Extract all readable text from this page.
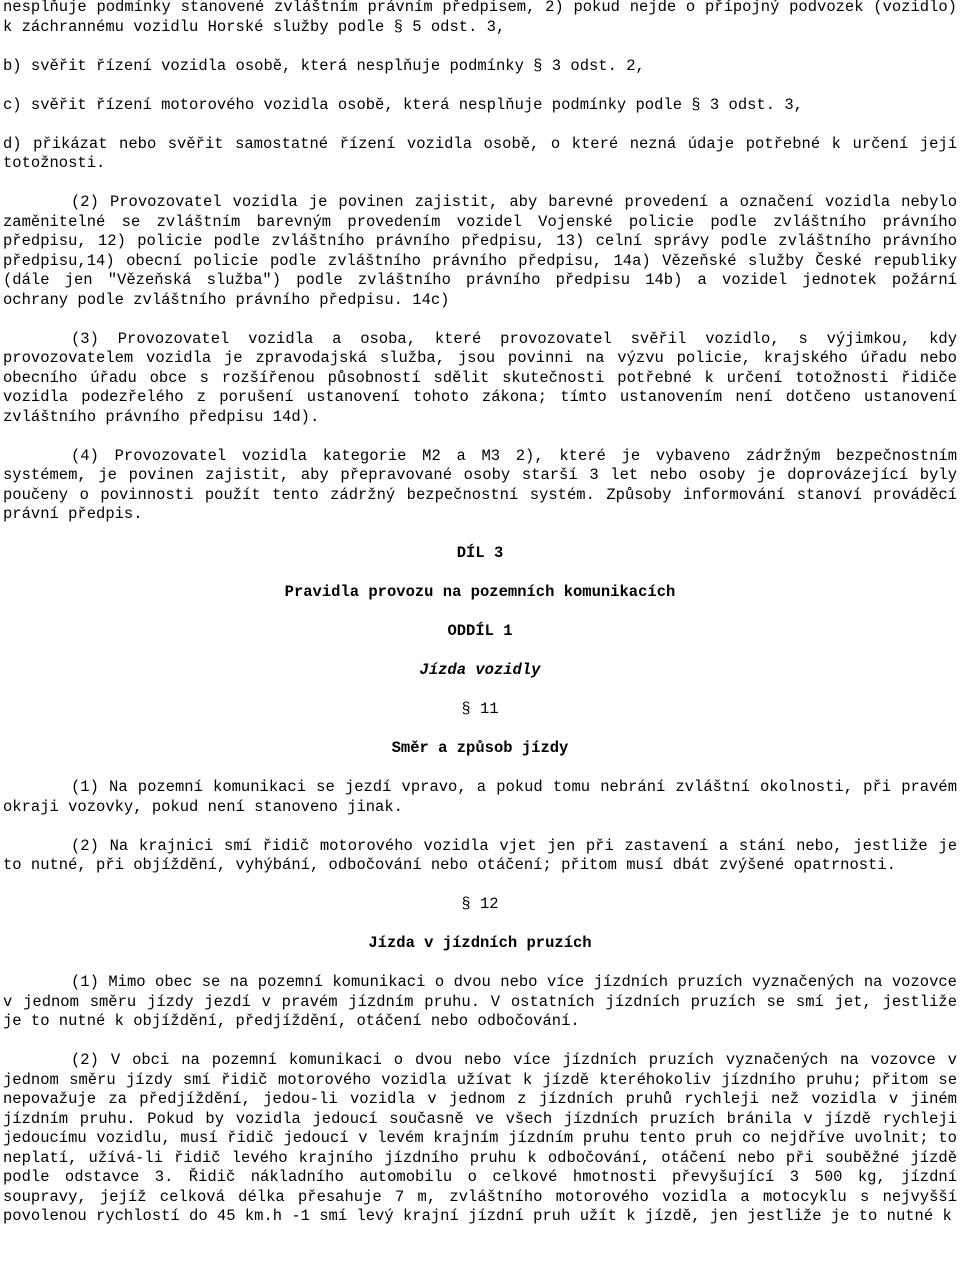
nesplňuje podmínky stanovené zvláštním právním předpisem, 2) pokud nejde o přípojný podvozek (vozidlo) k záchrannému vozidlu Horské služby podle § 5 odst. 3,

b) svěřit řízení vozidla osobě, která nesplňuje podmínky § 3 odst. 2,

c) svěřit řízení motorového vozidla osobě, která nesplňuje podmínky podle § 3 odst. 3,

d) přikázat nebo svěřit samostatné řízení vozidla osobě, o které nezná údaje potřebné k určení její totožnosti.

(2) Provozovatel vozidla je povinen zajistit, aby barevné provedení a označení vozidla nebylo zaměnitelné se zvláštním barevným provedením vozidel Vojenské policie podle zvláštního právního předpisu, 12) policie podle zvláštního právního předpisu, 13) celní správy podle zvláštního právního předpisu,14) obecní policie podle zvláštního právního předpisu, 14a) Vězeňské služby České republiky (dále jen "Vězeňská služba") podle zvláštního právního předpisu 14b) a vozidel jednotek požární ochrany podle zvláštního právního předpisu. 14c)

(3) Provozovatel vozidla a osoba, které provozovatel svěřil vozidlo, s výjimkou, kdy provozovatelem vozidla je zpravodajská služba, jsou povinni na výzvu policie, krajského úřadu nebo obecního úřadu obce s rozšířenou působností sdělit skutečnosti potřebné k určení totožnosti řidiče vozidla podezřelého z porušení ustanovení tohoto zákona; tímto ustanovením není dotčeno ustanovení zvláštního právního předpisu 14d).

(4) Provozovatel vozidla kategorie M2 a M3 2), které je vybaveno zádržným bezpečnostním systémem, je povinen zajistit, aby přepravované osoby starší 3 let nebo osoby je doprovázející byly poučeny o povinnosti použít tento zádržný bezpečnostní systém. Způsoby informování stanoví prováděcí právní předpis.

DÍL 3

Pravidla provozu na pozemních komunikacích

ODDÍL 1

Jízda vozidly

§ 11

Směr a způsob jízdy

(1) Na pozemní komunikaci se jezdí vpravo, a pokud tomu nebrání zvláštní okolnosti, při pravém okraji vozovky, pokud není stanoveno jinak.

(2) Na krajnici smí řidič motorového vozidla vjet jen při zastavení a stání nebo, jestliže je to nutné, při objíždění, vyhýbání, odbočování nebo otáčení; přitom musí dbát zvýšené opatrnosti.

§ 12

Jízda v jízdních pruzích

(1) Mimo obec se na pozemní komunikaci o dvou nebo více jízdních pruzích vyznačených na vozovce v jednom směru jízdy jezdí v pravém jízdním pruhu. V ostatních jízdních pruzích se smí jet, jestliže je to nutné k objíždění, předjíždění, otáčení nebo odbočování.

(2) V obci na pozemní komunikaci o dvou nebo více jízdních pruzích vyznačených na vozovce v jednom směru jízdy smí řidič motorového vozidla užívat k jízdě kteréhokoliv jízdního pruhu; přitom se nepovažuje za předjíždění, jedou-li vozidla v jednom z jízdních pruhů rychleji než vozidla v jiném jízdním pruhu. Pokud by vozidla jedoucí současně ve všech jízdních pruzích bránila v jízdě rychleji jedoucímu vozidlu, musí řidič jedoucí v levém krajním jízdním pruhu tento pruh co nejdříve uvolnit; to neplatí, užívá-li řidič levého krajního jízdního pruhu k odbočování, otáčení nebo při souběžné jízdě podle odstavce 3. Řidič nákladního automobilu o celkové hmotnosti převyšující 3 500 kg, jízdní soupravy, jejíž celková délka přesahuje 7 m, zvláštního motorového vozidla a motocyklu s nejvyšší povolenou rychlostí do 45 km.h -1 smí levý krajní jízdní pruh užít k jízdě, jen jestliže je to nutné k
